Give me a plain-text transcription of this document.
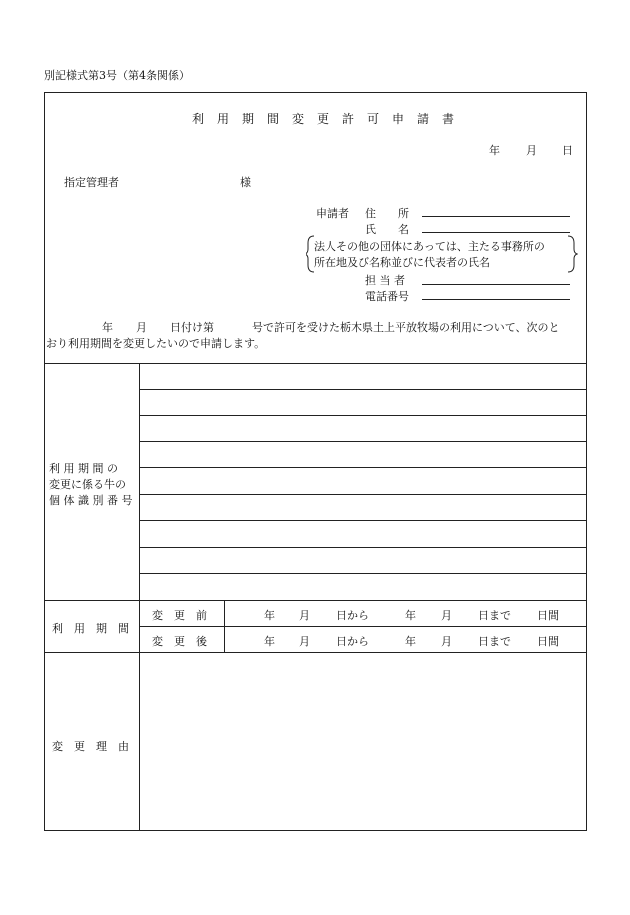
別記様式第3号（第4条関係）
利　用　期　間　変　更　許　可　申　請　書
年 月 日
指定管理者	様
申請者 住　　所
氏　　名
法人その他の団体にあっては、主たる事務所の
所在地及び名称並びに代表者の氏名
担 当 者
電話番号
年 月 日付け第	号で許可を受けた栃木県土上平放牧場の利用について、次のと
おり利用期間を変更したいので申請します。
利 用 期 間 の
変更に係る牛の
個 体 識 別 番 号
利　用　期　間
変　更　前	年 月 日から	年 月 日まで 日間
変　更　後	年 月 日から	年 月 日まで 日間
変　更　理　由
